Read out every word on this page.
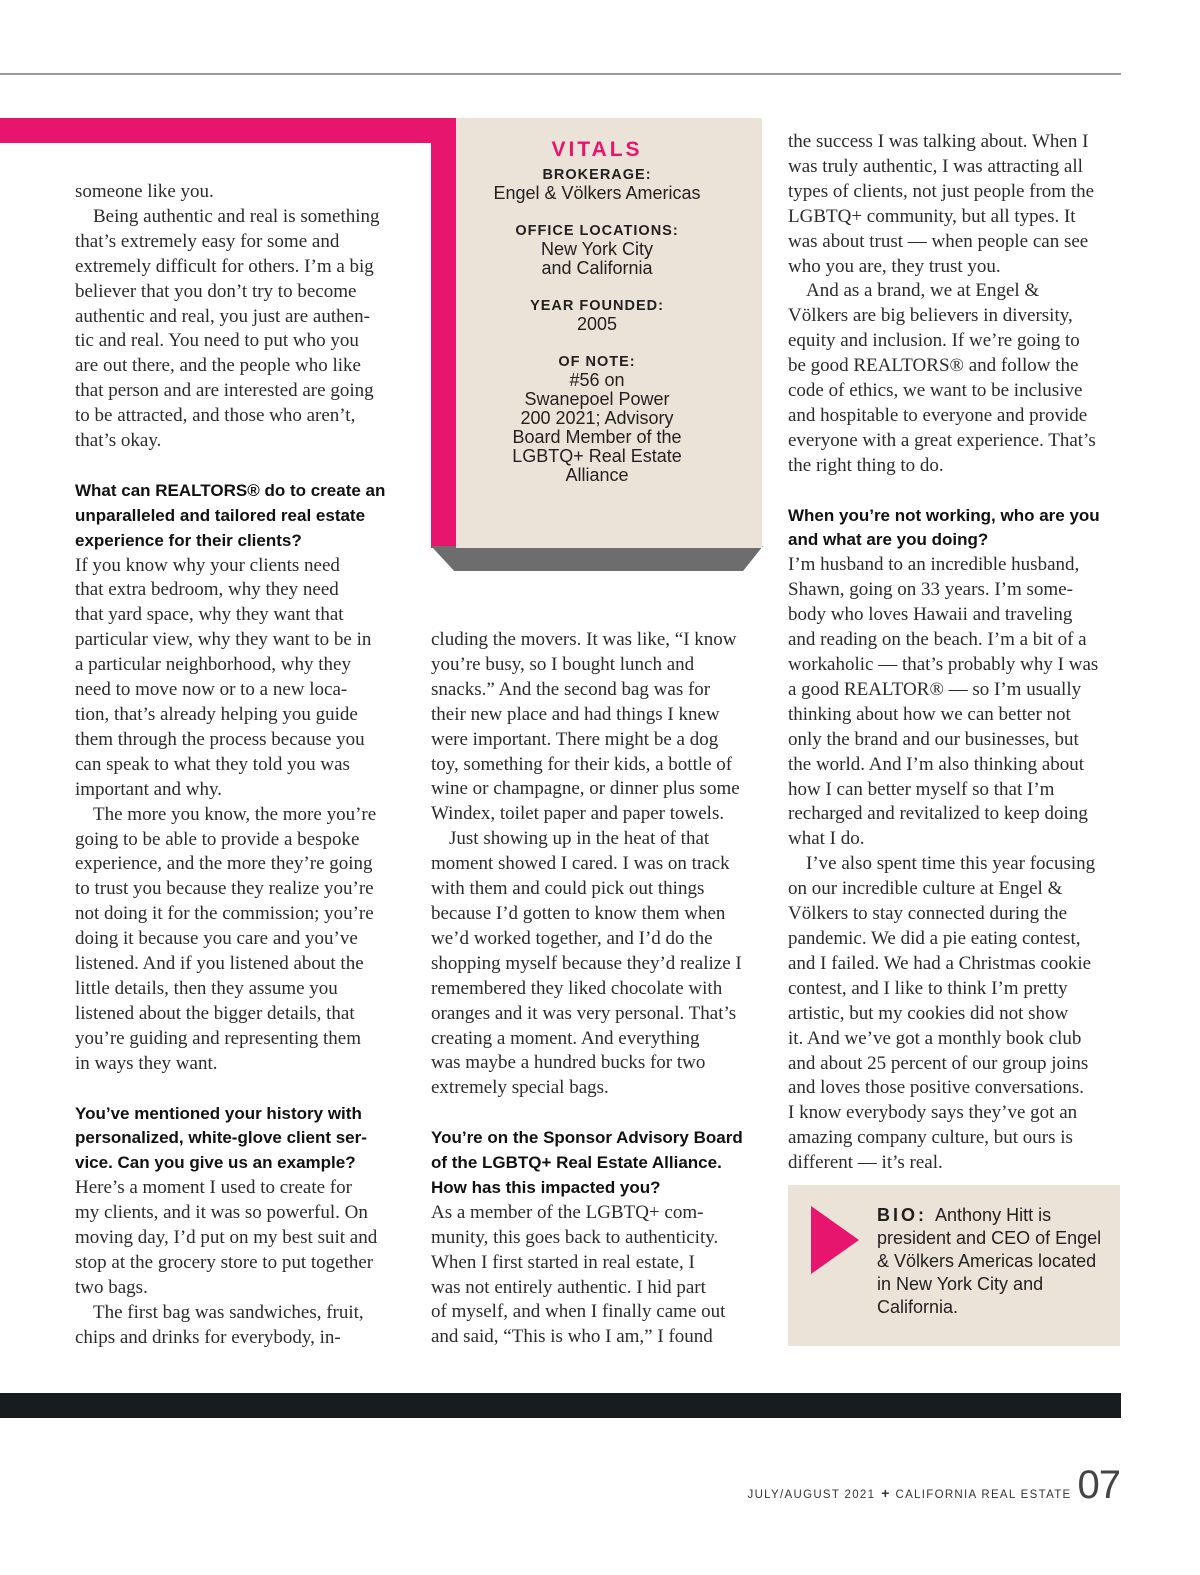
VITALS
BROKERAGE:
Engel & Völkers Americas
OFFICE LOCATIONS:
New York City
and California
YEAR FOUNDED:
2005
OF NOTE:
#56 on
Swanepoel Power
200 2021; Advisory
Board Member of the
LGBTQ+ Real Estate
Alliance

someone like you.

Being authentic and real is something
that’s extremely easy for some and
extremely difficult for others. I’m a big
believer that you don’t try to become
authentic and real, you just are authen-
tic and real. You need to put who you
are out there, and the people who like
that person and are interested are going
to be attracted, and those who aren’t,
that’s okay.

What can REALTORS® do to create an
unparalleled and tailored real estate
experience for their clients?

If you know why your clients need
that extra bedroom, why they need
that yard space, why they want that
particular view, why they want to be in
a particular neighborhood, why they
need to move now or to a new loca-
tion, that’s already helping you guide
them through the process because you
can speak to what they told you was
important and why.

The more you know, the more you’re
going to be able to provide a bespoke
experience, and the more they’re going
to trust you because they realize you’re
not doing it for the commission; you’re
doing it because you care and you’ve
listened. And if you listened about the
little details, then they assume you
listened about the bigger details, that
you’re guiding and representing them
in ways they want.

You’ve mentioned your history with
personalized, white-glove client ser-
vice. Can you give us an example?

Here’s a moment I used to create for
my clients, and it was so powerful. On
moving day, I’d put on my best suit and
stop at the grocery store to put together
two bags.

The first bag was sandwiches, fruit,
chips and drinks for everybody, in-

cluding the movers. It was like, “I know
you’re busy, so I bought lunch and
snacks.” And the second bag was for
their new place and had things I knew
were important. There might be a dog
toy, something for their kids, a bottle of
wine or champagne, or dinner plus some
Windex, toilet paper and paper towels.

Just showing up in the heat of that
moment showed I cared. I was on track
with them and could pick out things
because I’d gotten to know them when
we’d worked together, and I’d do the
shopping myself because they’d realize I
remembered they liked chocolate with
oranges and it was very personal. That’s
creating a moment. And everything
was maybe a hundred bucks for two
extremely special bags.

You’re on the Sponsor Advisory Board
of the LGBTQ+ Real Estate Alliance.
How has this impacted you?

As a member of the LGBTQ+ com-
munity, this goes back to authenticity.
When I first started in real estate, I
was not entirely authentic. I hid part
of myself, and when I finally came out
and said, “This is who I am,” I found

the success I was talking about. When I
was truly authentic, I was attracting all
types of clients, not just people from the
LGBTQ+ community, but all types. It
was about trust — when people can see
who you are, they trust you.

And as a brand, we at Engel &
Völkers are big believers in diversity,
equity and inclusion. If we’re going to
be good REALTORS® and follow the
code of ethics, we want to be inclusive
and hospitable to everyone and provide
everyone with a great experience. That’s
the right thing to do.

When you’re not working, who are you
and what are you doing?

I’m husband to an incredible husband,
Shawn, going on 33 years. I’m some-
body who loves Hawaii and traveling
and reading on the beach. I’m a bit of a
workaholic — that’s probably why I was
a good REALTOR® — so I’m usually
thinking about how we can better not
only the brand and our businesses, but
the world. And I’m also thinking about
how I can better myself so that I’m
recharged and revitalized to keep doing
what I do.

I’ve also spent time this year focusing
on our incredible culture at Engel &
Völkers to stay connected during the
pandemic. We did a pie eating contest,
and I failed. We had a Christmas cookie
contest, and I like to think I’m pretty
artistic, but my cookies did not show
it. And we’ve got a monthly book club
and about 25 percent of our group joins
and loves those positive conversations.
I know everybody says they’ve got an
amazing company culture, but ours is
different — it’s real.

BIO: Anthony Hitt is president and CEO of Engel & Völkers Americas located in New York City and California.
JULY/AUGUST 2021 + CALIFORNIA REAL ESTATE 07
